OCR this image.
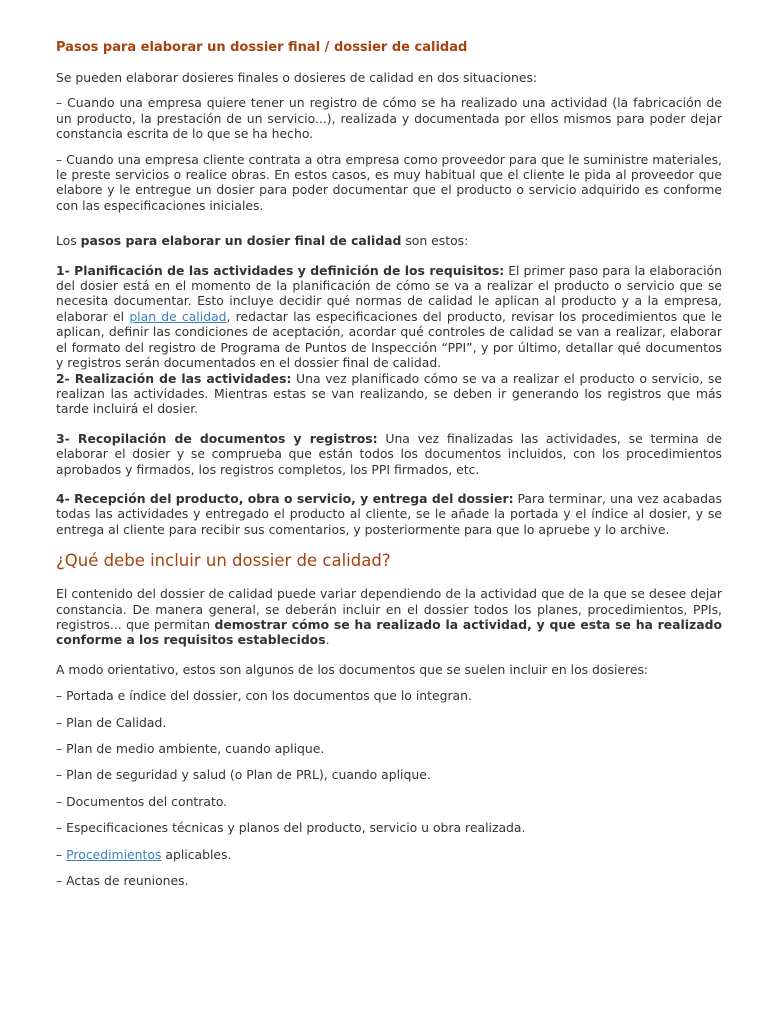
Pasos para elaborar un dossier final / dossier de calidad

Se pueden elaborar dosieres finales o dosieres de calidad en dos situaciones:

– Cuando una empresa quiere tener un registro de cómo se ha realizado una actividad (la fabricación de un producto, la prestación de un servicio...), realizada y documentada por ellos mismos para poder dejar constancia escrita de lo que se ha hecho.

– Cuando una empresa cliente contrata a otra empresa como proveedor para que le suministre materiales, le preste servicios o realice obras. En estos casos, es muy habitual que el cliente le pida al proveedor que elabore y le entregue un dosier para poder documentar que el producto o servicio adquirido es conforme con las especificaciones iniciales.

Los pasos para elaborar un dosier final de calidad son estos:

1- Planificación de las actividades y definición de los requisitos: El primer paso para la elaboración del dosier está en el momento de la planificación de cómo se va a realizar el producto o servicio que se necesita documentar. Esto incluye decidir qué normas de calidad le aplican al producto y a la empresa, elaborar el plan de calidad, redactar las especificaciones del producto, revisar los procedimientos que le aplican, definir las condiciones de aceptación, acordar qué controles de calidad se van a realizar, elaborar el formato del registro de Programa de Puntos de Inspección “PPI”, y por último, detallar qué documentos y registros serán documentados en el dossier final de calidad.

2- Realización de las actividades: Una vez planificado cómo se va a realizar el producto o servicio, se realizan las actividades. Mientras estas se van realizando, se deben ir generando los registros que más tarde incluirá el dosier.

3- Recopilación de documentos y registros: Una vez finalizadas las actividades, se termina de elaborar el dosier y se comprueba que están todos los documentos incluidos, con los procedimientos aprobados y firmados, los registros completos, los PPI firmados, etc.

4- Recepción del producto, obra o servicio, y entrega del dossier: Para terminar, una vez acabadas todas las actividades y entregado el producto al cliente, se le añade la portada y el índice al dosier, y se entrega al cliente para recibir sus comentarios, y posteriormente para que lo apruebe y lo archive.

¿Qué debe incluir un dossier de calidad?

El contenido del dossier de calidad puede variar dependiendo de la actividad que de la que se desee dejar constancia. De manera general, se deberán incluir en el dossier todos los planes, procedimientos, PPIs, registros... que permitan demostrar cómo se ha realizado la actividad, y que esta se ha realizado conforme a los requisitos establecidos.

A modo orientativo, estos son algunos de los documentos que se suelen incluir en los dosieres:

– Portada e índice del dossier, con los documentos que lo integran.

– Plan de Calidad.

– Plan de medio ambiente, cuando aplique.

– Plan de seguridad y salud (o Plan de PRL), cuando aplique.

– Documentos del contrato.

– Especificaciones técnicas y planos del producto, servicio u obra realizada.

– Procedimientos aplicables.

– Actas de reuniones.
